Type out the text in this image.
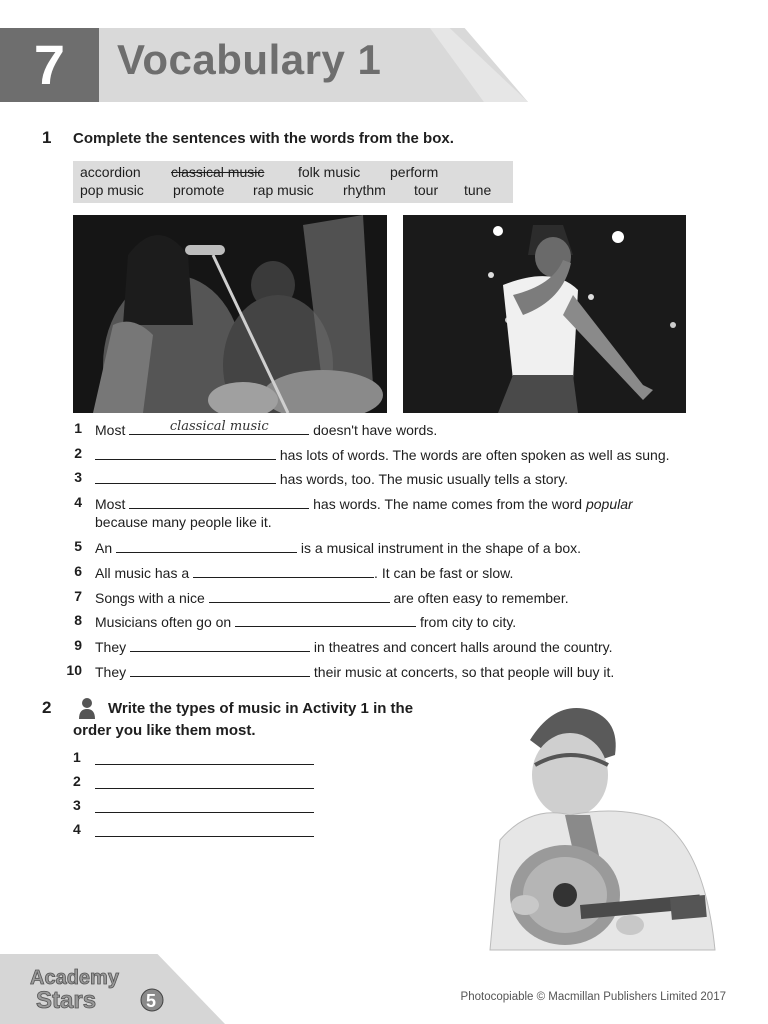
7	Vocabulary 1
1 Complete the sentences with the words from the box.
accordion classical music folk music perform
pop music promote rap music rhythm tour tune
1 Most	classical music	doesn't have words.
2	has lots of words. The words are often spoken as well as sung.
3	has words, too. The music usually tells a story.
4 Most	has words. The name comes from the word popular
because many people like it.
5 An	is a musical instrument in the shape of a box.
6 All music has a	. It can be fast or slow.
7 Songs with a nice	are often easy to remember.
8 Musicians often go on	from city to city.
9 They	in theatres and concert halls around the country.
10 They	their music at concerts, so that people will buy it.
2	Write the types of music in Activity 1 in the
order you like them most.
1
2
3
4
Academy
Stars	5	Photocopiable © Macmillan Publishers Limited 2017
